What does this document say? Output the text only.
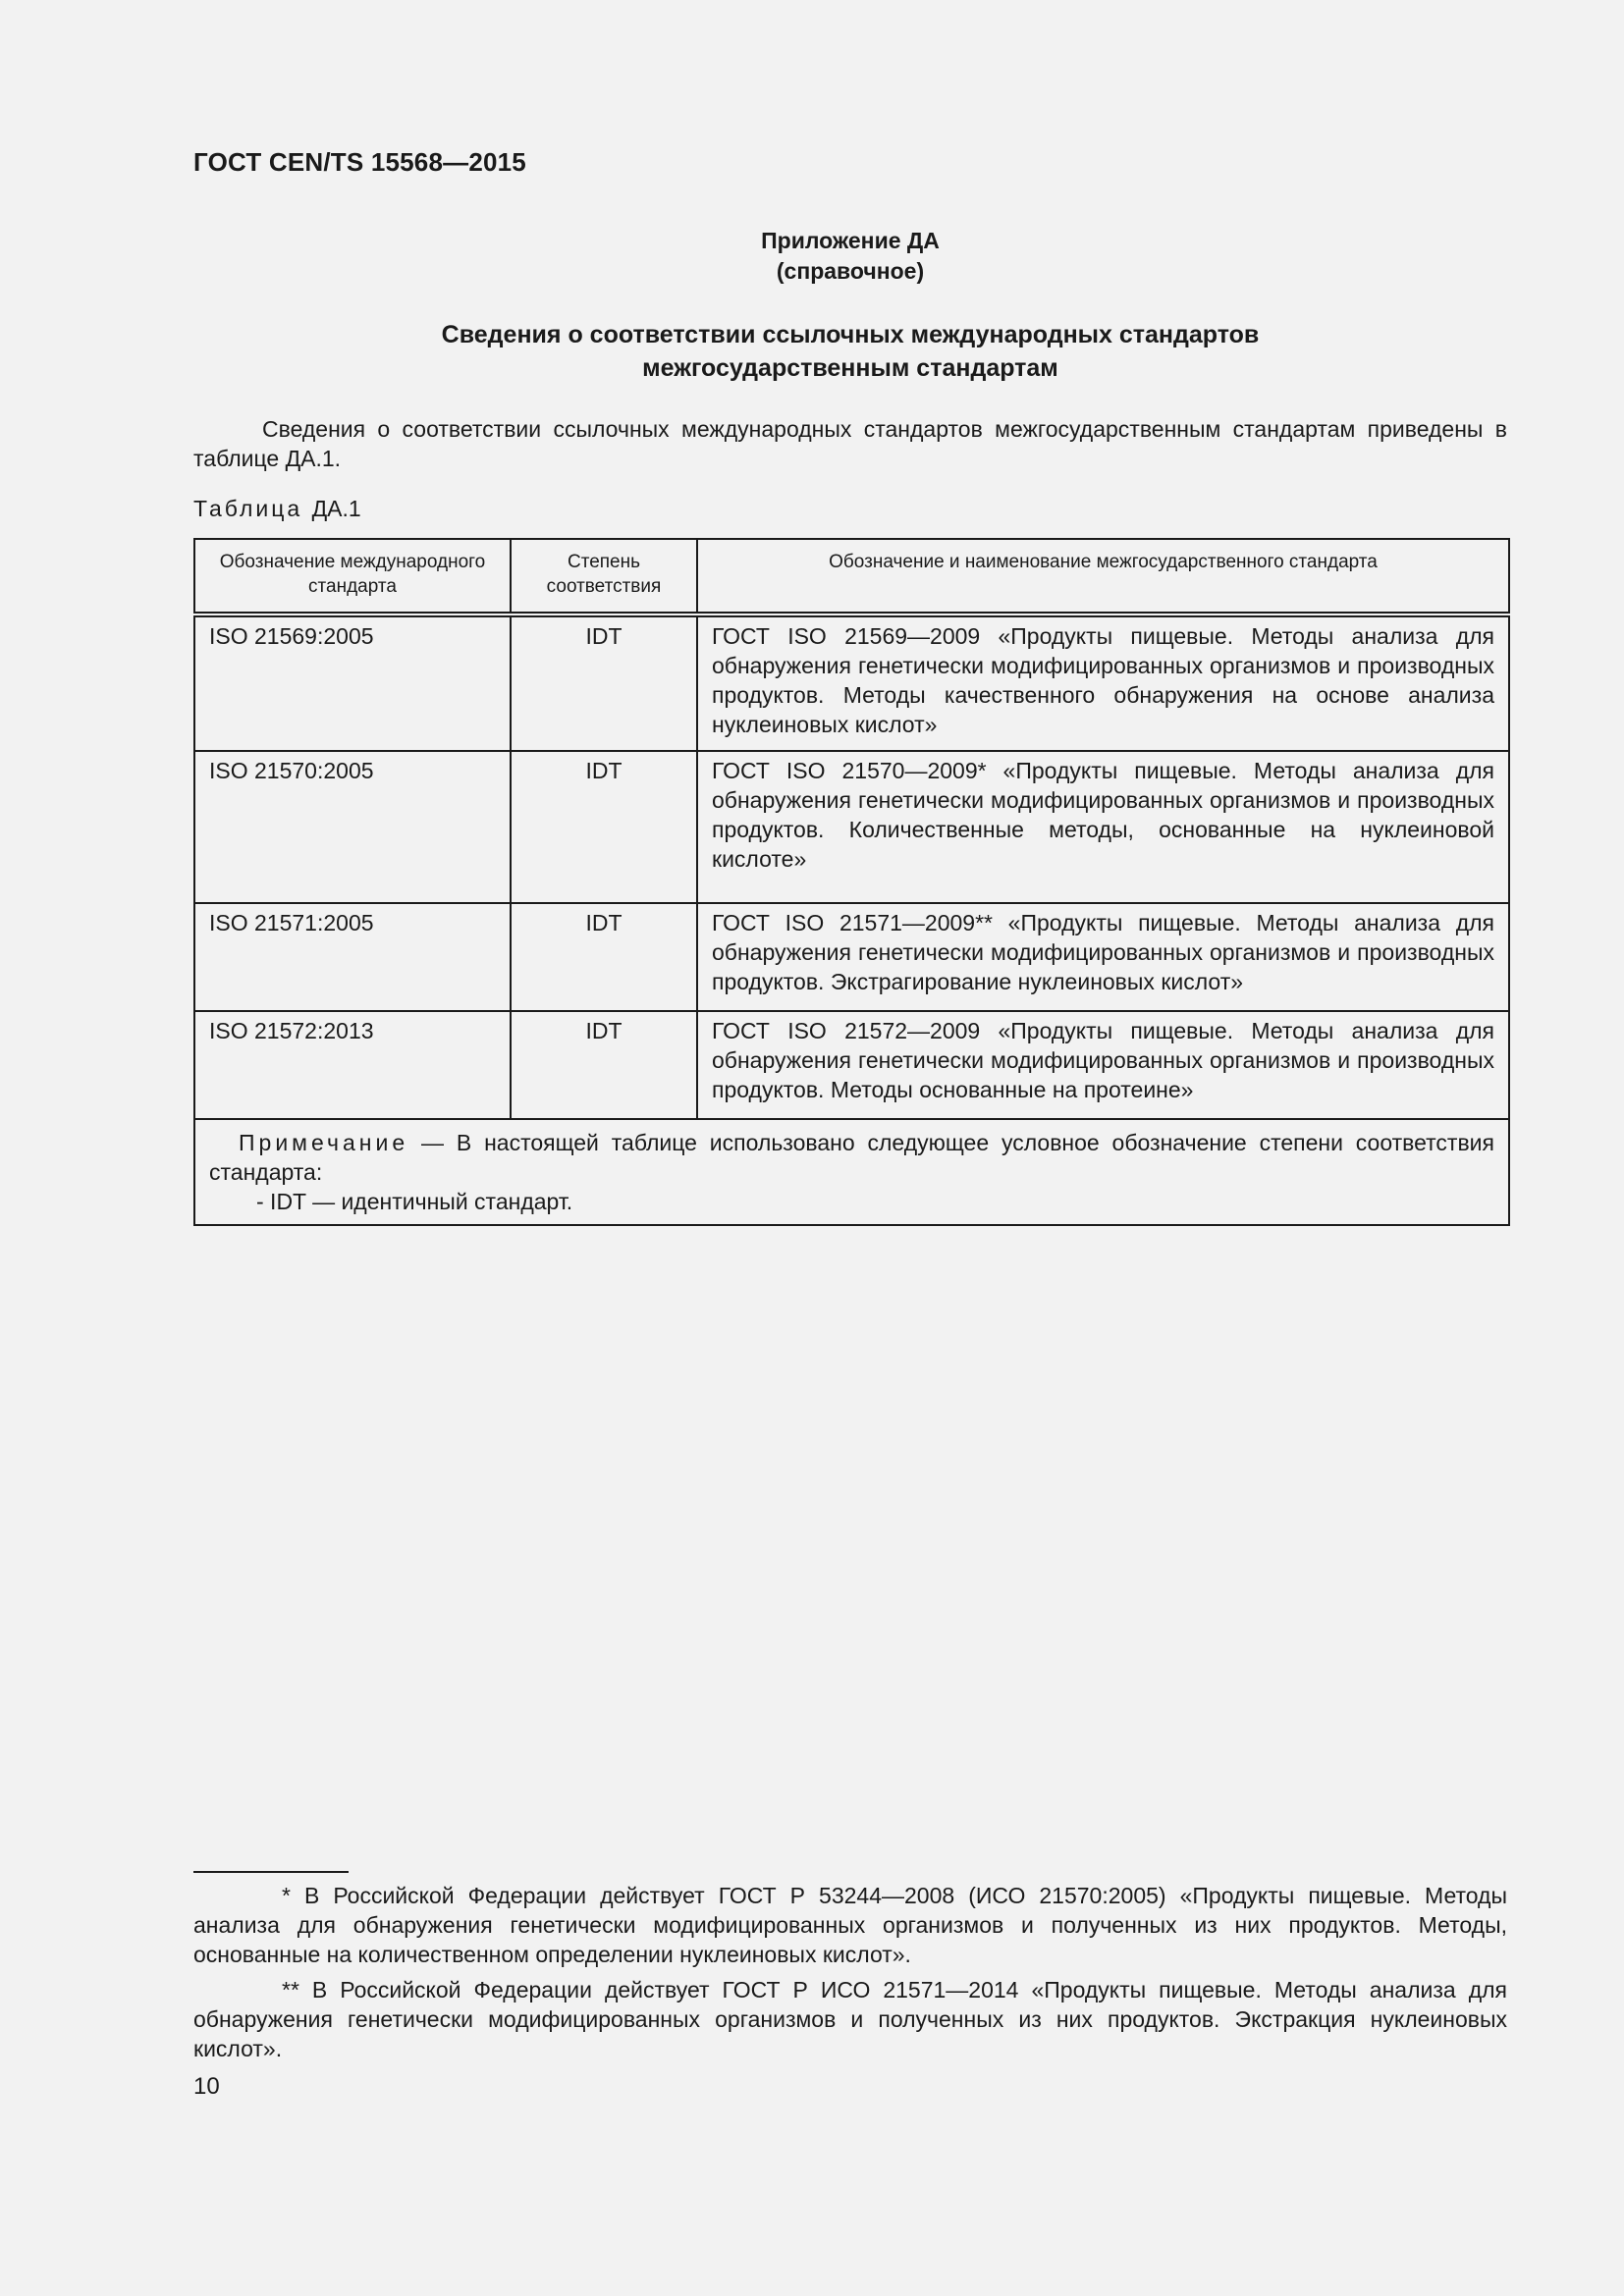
ГОСТ CEN/TS 15568—2015
Приложение ДА
(справочное)
Сведения о соответствии ссылочных международных стандартов
межгосударственным стандартам
Сведения о соответствии ссылочных международных стандартов межгосударственным стандартам приведены в таблице ДА.1.
Таблица ДА.1
Обозначение международного стандарта	Степень соответствия	Обозначение и наименование межгосударственного стандарта
ISO 21569:2005	IDT	ГОСТ ISO 21569—2009 «Продукты пищевые. Методы анализа для обнаружения генетически модифицированных организмов и производных продуктов. Методы качественного обнаружения на основе анализа нуклеиновых кислот»
ISO 21570:2005	IDT	ГОСТ ISO 21570—2009* «Продукты пищевые. Методы анализа для обнаружения генетически модифицированных организмов и производных продуктов. Количественные методы, основанные на нуклеиновой кислоте»
ISO 21571:2005	IDT	ГОСТ ISO 21571—2009** «Продукты пищевые. Методы анализа для обнаружения генетически модифицированных организмов и производных продуктов. Экстрагирование нуклеиновых кислот»
ISO 21572:2013	IDT	ГОСТ ISO 21572—2009 «Продукты пищевые. Методы анализа для обнаружения генетически модифицированных организмов и производных продуктов. Методы основанные на протеине»

Примечание — В настоящей таблице использовано следующее условное обозначение степени соответствия стандарта:
- IDT — идентичный стандарт.		
* В Российской Федерации действует ГОСТ Р 53244—2008 (ИСО 21570:2005) «Продукты пищевые. Методы анализа для обнаружения генетически модифицированных организмов и полученных из них продуктов. Методы, основанные на количественном определении нуклеиновых кислот».
** В Российской Федерации действует ГОСТ Р ИСО 21571—2014 «Продукты пищевые. Методы анализа для обнаружения генетически модифицированных организмов и полученных из них продуктов. Экстракция нуклеиновых кислот».
10
